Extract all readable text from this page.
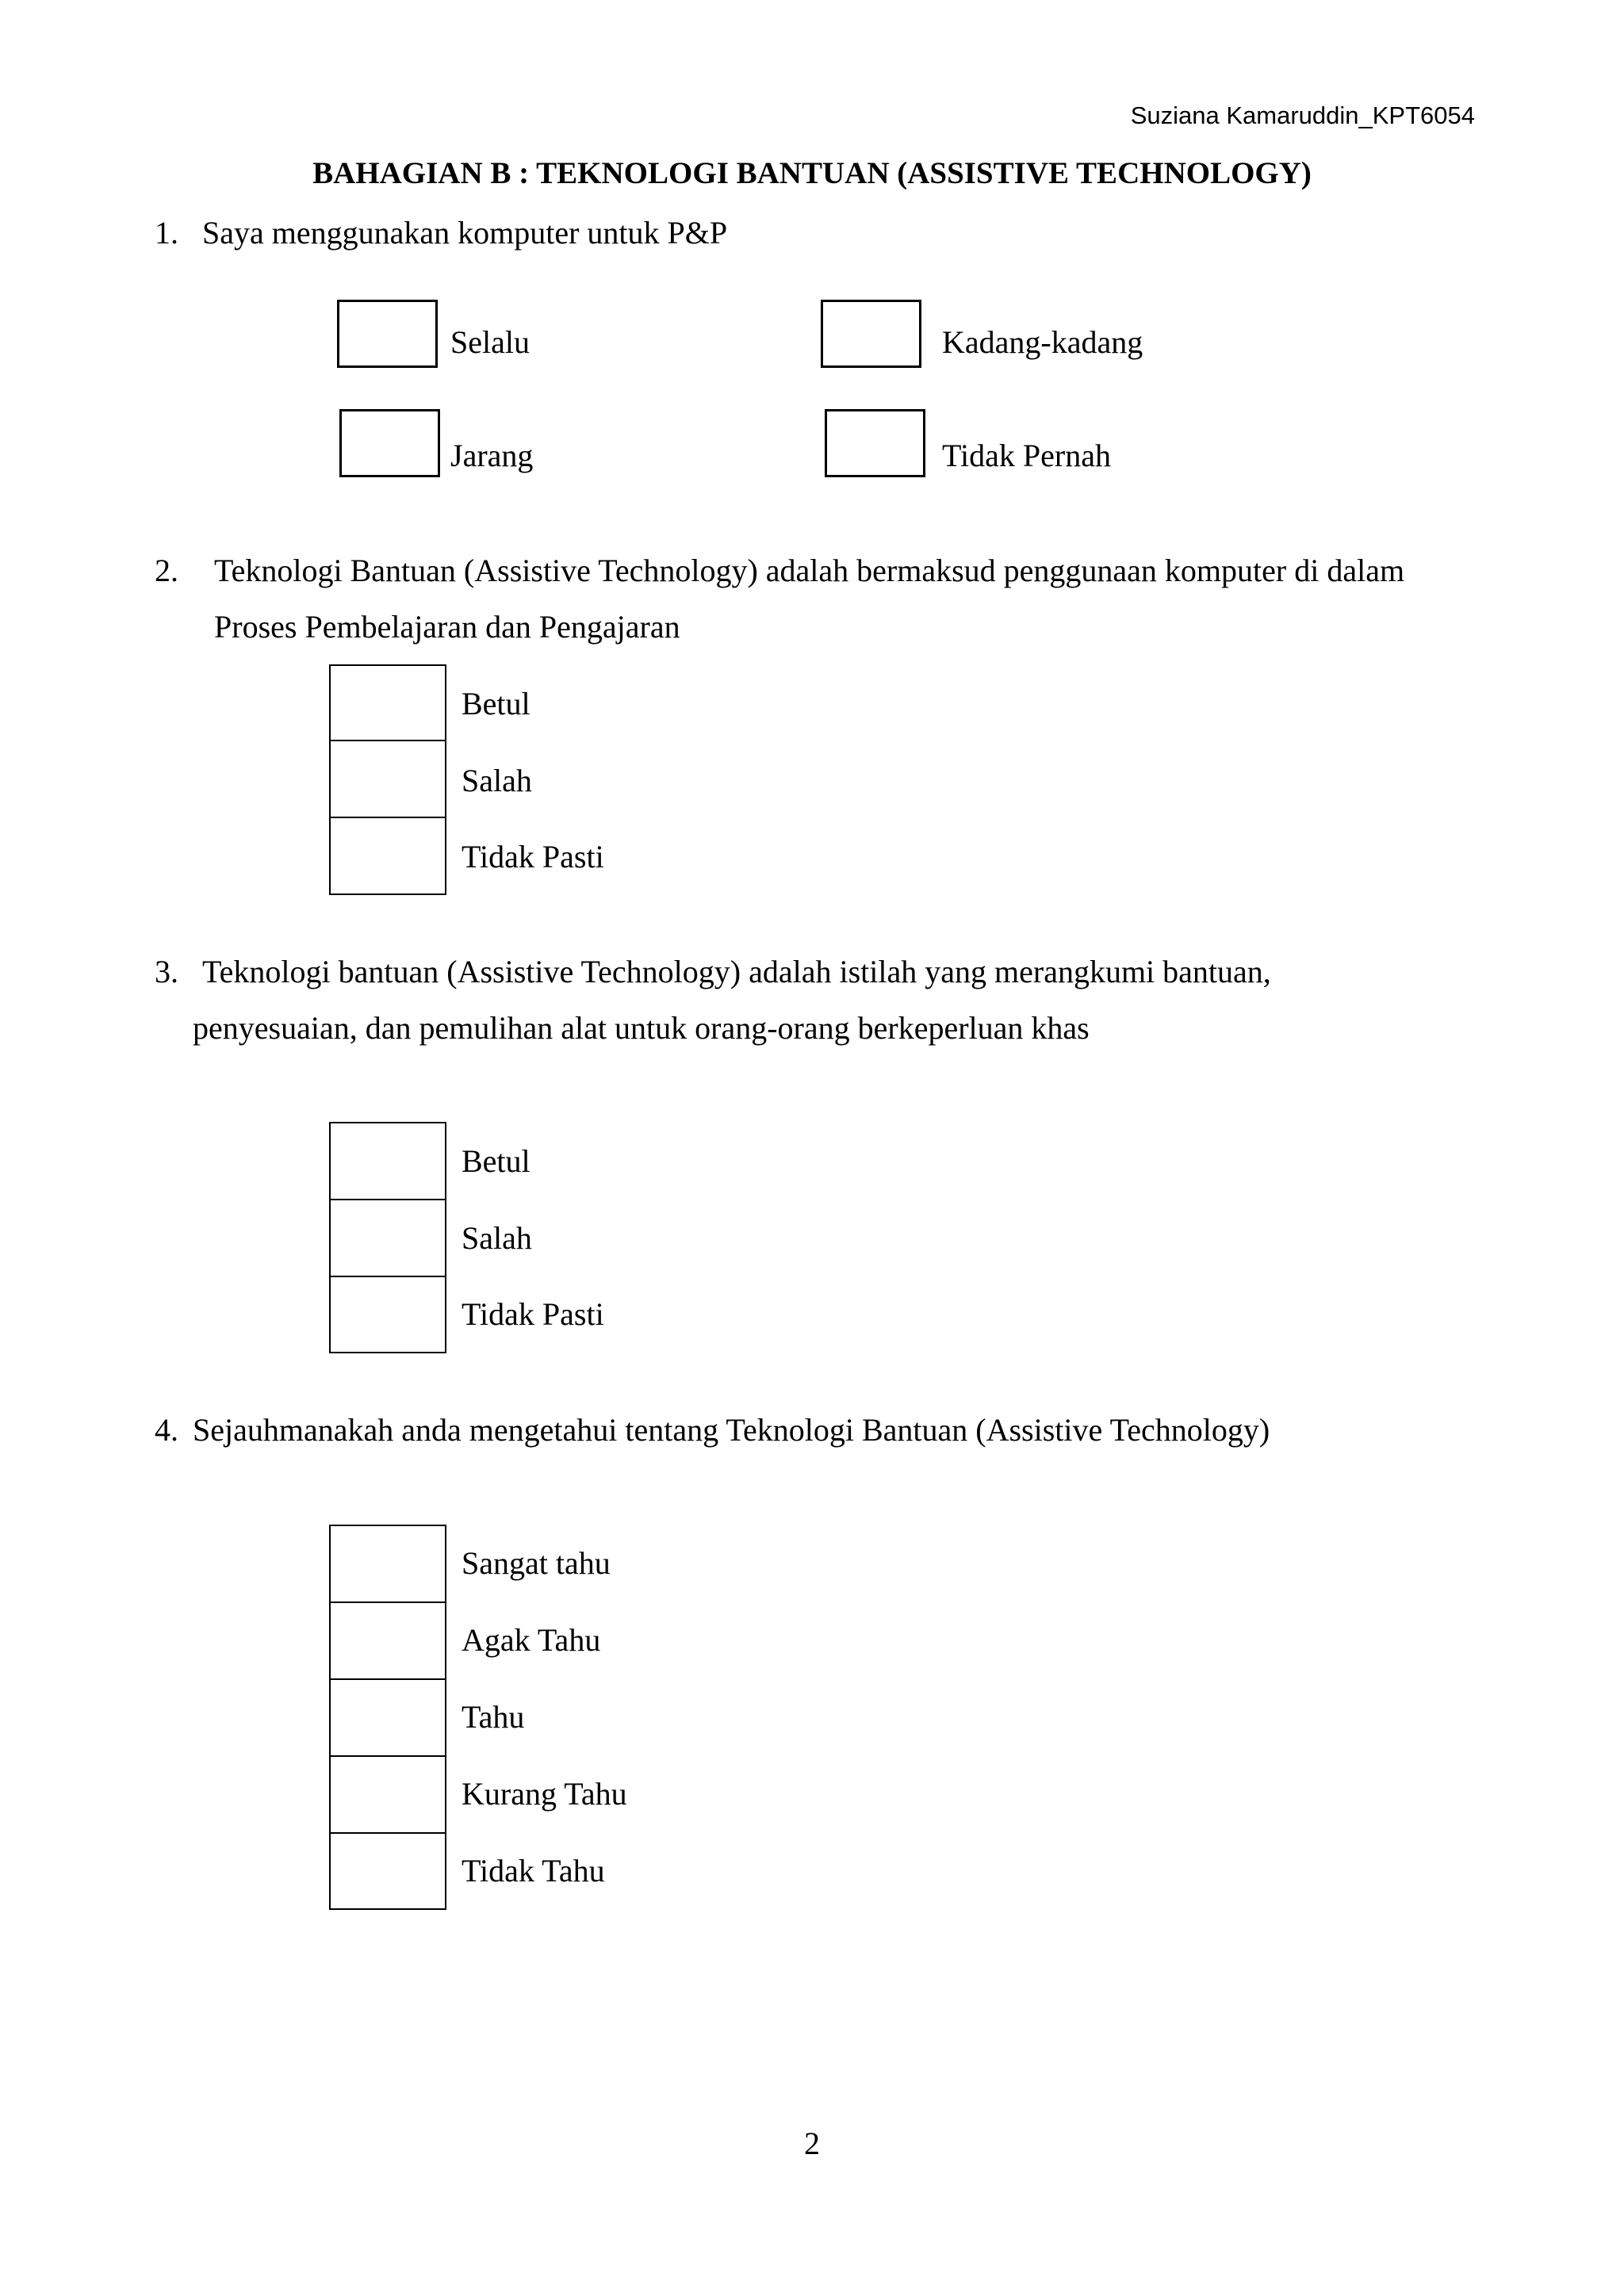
Suziana Kamaruddin_KPT6054
BAHAGIAN B : TEKNOLOGI BANTUAN (ASSISTIVE TECHNOLOGY)
1. Saya menggunakan komputer untuk P&P
Selalu	Kadang-kadang
Jarang	Tidak Pernah
2. Teknologi Bantuan (Assistive Technology) adalah bermaksud penggunaan komputer di dalam
Proses Pembelajaran dan Pengajaran
Betul
Salah
Tidak Pasti
3. Teknologi bantuan (Assistive Technology) adalah istilah yang merangkumi bantuan,
penyesuaian, dan pemulihan alat untuk orang-orang berkeperluan khas
Betul
Salah
Tidak Pasti
4. Sejauhmanakah anda mengetahui tentang Teknologi Bantuan (Assistive Technology)
Sangat tahu
Agak Tahu
Tahu
Kurang Tahu
Tidak Tahu
2
